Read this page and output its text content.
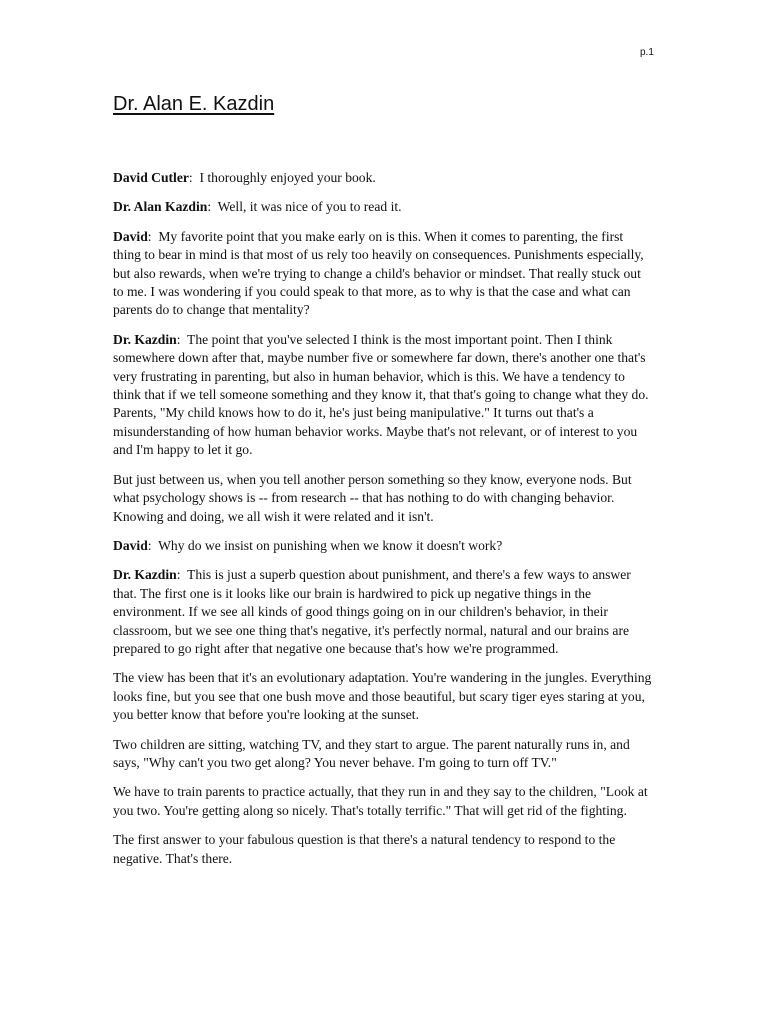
p.1
Dr. Alan E. Kazdin

David Cutler:  I thoroughly enjoyed your book.

Dr. Alan Kazdin:  Well, it was nice of you to read it.

David:  My favorite point that you make early on is this. When it comes to parenting, the first thing to bear in mind is that most of us rely too heavily on consequences. Punishments especially, but also rewards, when we're trying to change a child's behavior or mindset. That really stuck out to me. I was wondering if you could speak to that more, as to why is that the case and what can parents do to change that mentality?

Dr. Kazdin:  The point that you've selected I think is the most important point. Then I think somewhere down after that, maybe number five or somewhere far down, there's another one that's very frustrating in parenting, but also in human behavior, which is this. We have a tendency to think that if we tell someone something and they know it, that that's going to change what they do. Parents, "My child knows how to do it, he's just being manipulative." It turns out that's a misunderstanding of how human behavior works. Maybe that's not relevant, or of interest to you and I'm happy to let it go.

But just between us, when you tell another person something so they know, everyone nods. But what psychology shows is -- from research -- that has nothing to do with changing behavior. Knowing and doing, we all wish it were related and it isn't.

David:  Why do we insist on punishing when we know it doesn't work?

Dr. Kazdin:  This is just a superb question about punishment, and there's a few ways to answer that. The first one is it looks like our brain is hardwired to pick up negative things in the environment. If we see all kinds of good things going on in our children's behavior, in their classroom, but we see one thing that's negative, it's perfectly normal, natural and our brains are prepared to go right after that negative one because that's how we're programmed.

The view has been that it's an evolutionary adaptation. You're wandering in the jungles. Everything looks fine, but you see that one bush move and those beautiful, but scary tiger eyes staring at you, you better know that before you're looking at the sunset.

Two children are sitting, watching TV, and they start to argue. The parent naturally runs in, and says, "Why can't you two get along? You never behave. I'm going to turn off TV."

We have to train parents to practice actually, that they run in and they say to the children, "Look at you two. You're getting along so nicely. That's totally terrific." That will get rid of the fighting.

The first answer to your fabulous question is that there's a natural tendency to respond to the negative. That's there.
